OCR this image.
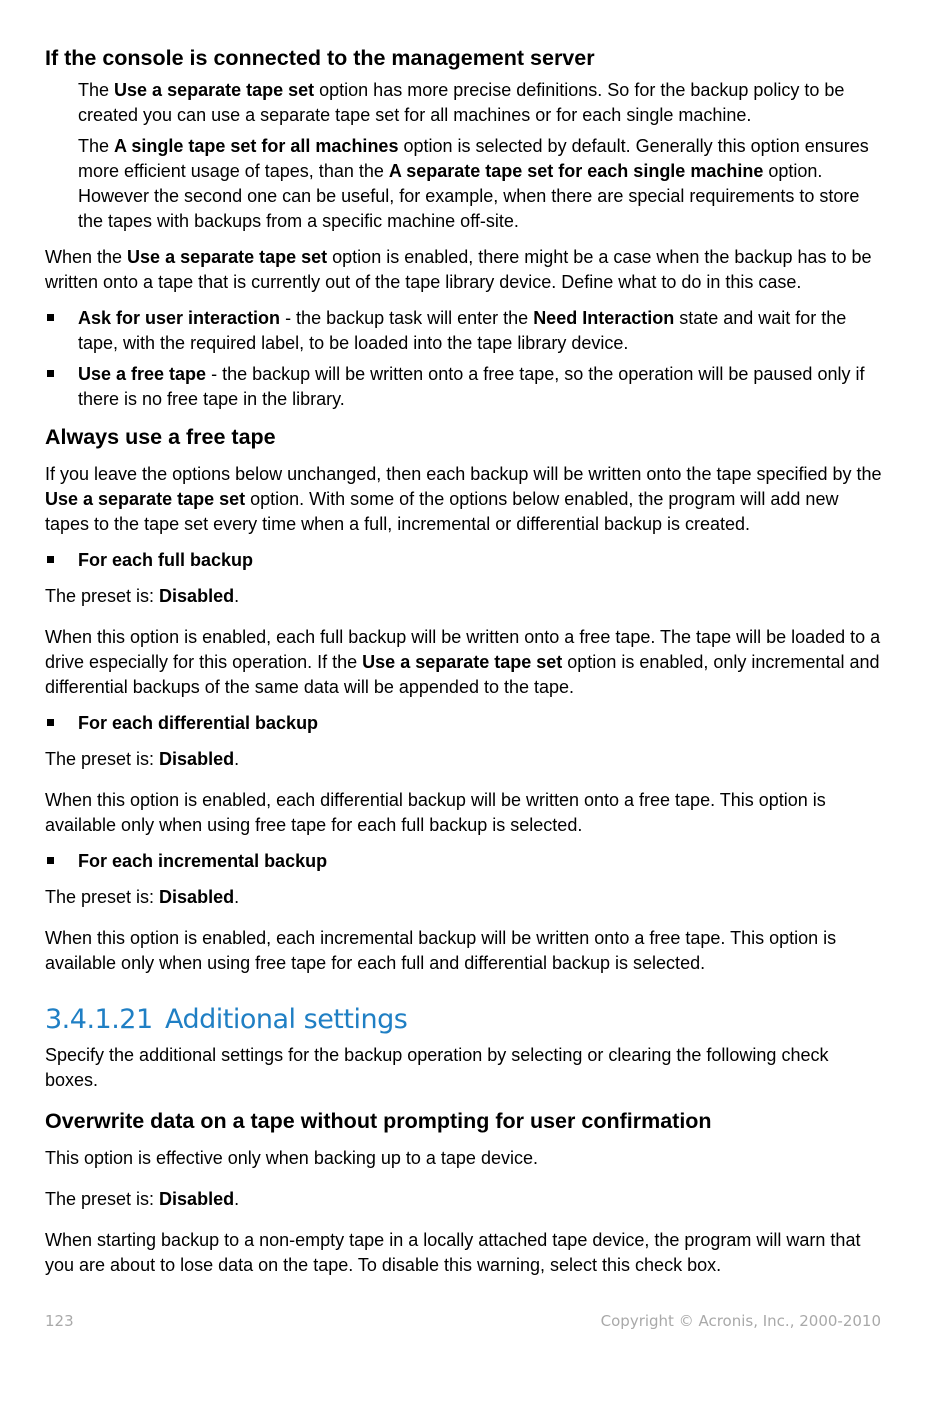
If the console is connected to the management server

The Use a separate tape set option has more precise definitions. So for the backup policy to be created you can use a separate tape set for all machines or for each single machine.

The A single tape set for all machines option is selected by default. Generally this option ensures more efficient usage of tapes, than the A separate tape set for each single machine option. However the second one can be useful, for example, when there are special requirements to store the tapes with backups from a specific machine off-site.

When the Use a separate tape set option is enabled, there might be a case when the backup has to be written onto a tape that is currently out of the tape library device. Define what to do in this case.

Ask for user interaction - the backup task will enter the Need Interaction state and wait for the tape, with the required label, to be loaded into the tape library device.
Use a free tape - the backup will be written onto a free tape, so the operation will be paused only if there is no free tape in the library.
Always use a free tape

If you leave the options below unchanged, then each backup will be written onto the tape specified by the Use a separate tape set option. With some of the options below enabled, the program will add new tapes to the tape set every time when a full, incremental or differential backup is created.

For each full backup

The preset is: Disabled.

When this option is enabled, each full backup will be written onto a free tape. The tape will be loaded to a drive especially for this operation. If the Use a separate tape set option is enabled, only incremental and differential backups of the same data will be appended to the tape.

For each differential backup

The preset is: Disabled.

When this option is enabled, each differential backup will be written onto a free tape. This option is available only when using free tape for each full backup is selected.

For each incremental backup

The preset is: Disabled.

When this option is enabled, each incremental backup will be written onto a free tape. This option is available only when using free tape for each full and differential backup is selected.

3.4.1.21 Additional settings

Specify the additional settings for the backup operation by selecting or clearing the following check boxes.

Overwrite data on a tape without prompting for user confirmation

This option is effective only when backing up to a tape device.

The preset is: Disabled.

When starting backup to a non-empty tape in a locally attached tape device, the program will warn that you are about to lose data on the tape. To disable this warning, select this check box.

123	Copyright © Acronis, Inc., 2000-2010
